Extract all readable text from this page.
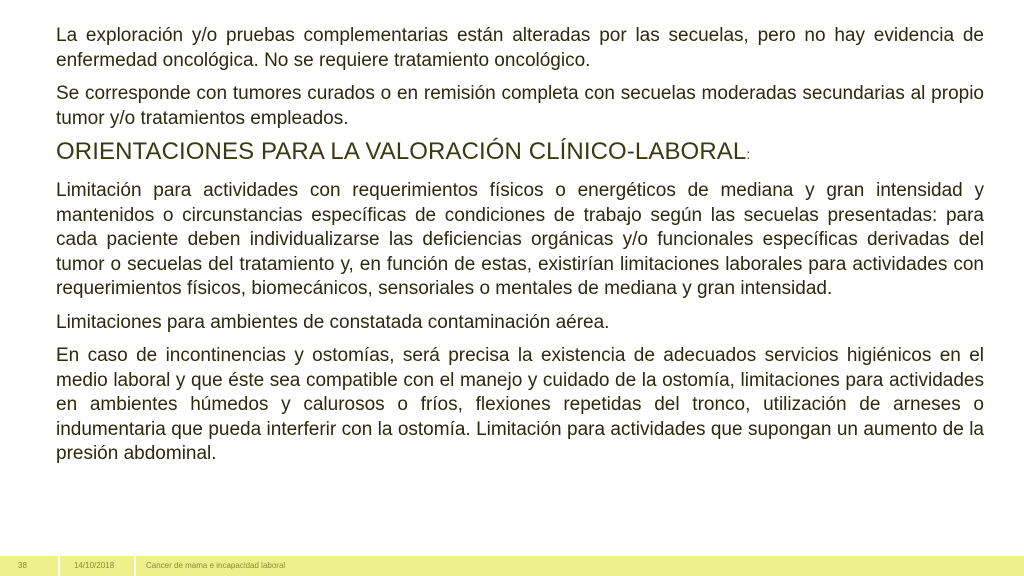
La exploración y/o pruebas complementarias están alteradas por las secuelas, pero no hay evidencia de enfermedad oncológica. No se requiere tratamiento oncológico.

Se corresponde con tumores curados o en remisión completa con secuelas moderadas secundarias al propio tumor y/o tratamientos empleados.

ORIENTACIONES PARA LA VALORACIÓN CLÍNICO-LABORAL:

Limitación para actividades con requerimientos físicos o energéticos de mediana y gran intensidad y mantenidos o circunstancias específicas de condiciones de trabajo según las secuelas presentadas: para cada paciente deben individualizarse las deficiencias orgánicas y/o funcionales específicas derivadas del tumor o secuelas del tratamiento y, en función de estas, existirían limitaciones laborales para actividades con requerimientos físicos, biomecánicos, sensoriales o mentales de mediana y gran intensidad.

Limitaciones para ambientes de constatada contaminación aérea.

En caso de incontinencias y ostomías, será precisa la existencia de adecuados servicios higiénicos en el medio laboral y que éste sea compatible con el manejo y cuidado de la ostomía, limitaciones para actividades en ambientes húmedos y calurosos o fríos, flexiones repetidas del tronco, utilización de arneses o indumentaria que pueda interferir con la ostomía. Limitación para actividades que supongan un aumento de la presión abdominal.

38	14/10/2018	Cancer de mama e incapacidad laboral
